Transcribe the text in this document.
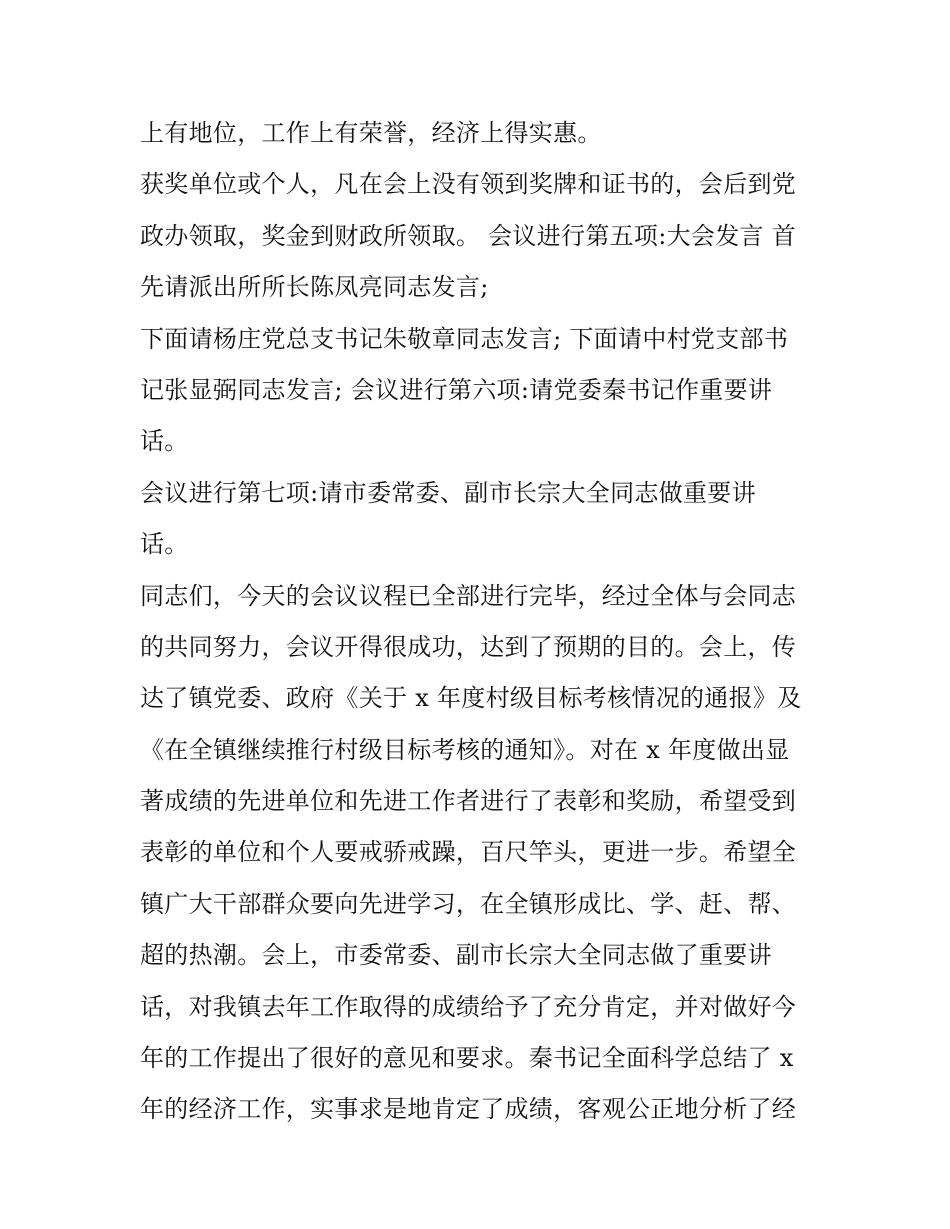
上有地位，工作上有荣誉，经济上得实惠。
获奖单位或个人，凡在会上没有领到奖牌和证书的，会后到党
政办领取，奖金到财政所领取。 会议进行第五项:大会发言 首
先请派出所所长陈凤亮同志发言;
下面请杨庄党总支书记朱敬章同志发言; 下面请中村党支部书
记张显弼同志发言; 会议进行第六项:请党委秦书记作重要讲
话。
会议进行第七项:请市委常委、副市长宗大全同志做重要讲
话。
同志们，今天的会议议程已全部进行完毕，经过全体与会同志
的共同努力，会议开得很成功，达到了预期的目的。会上，传
达了镇党委、政府《关于 x 年度村级目标考核情况的通报》及
《在全镇继续推行村级目标考核的通知》。对在 x 年度做出显
著成绩的先进单位和先进工作者进行了表彰和奖励，希望受到
表彰的单位和个人要戒骄戒躁，百尺竿头，更进一步。希望全
镇广大干部群众要向先进学习，在全镇形成比、学、赶、帮、
超的热潮。会上，市委常委、副市长宗大全同志做了重要讲
话，对我镇去年工作取得的成绩给予了充分肯定，并对做好今
年的工作提出了很好的意见和要求。秦书记全面科学总结了 x
年的经济工作，实事求是地肯定了成绩，客观公正地分析了经
